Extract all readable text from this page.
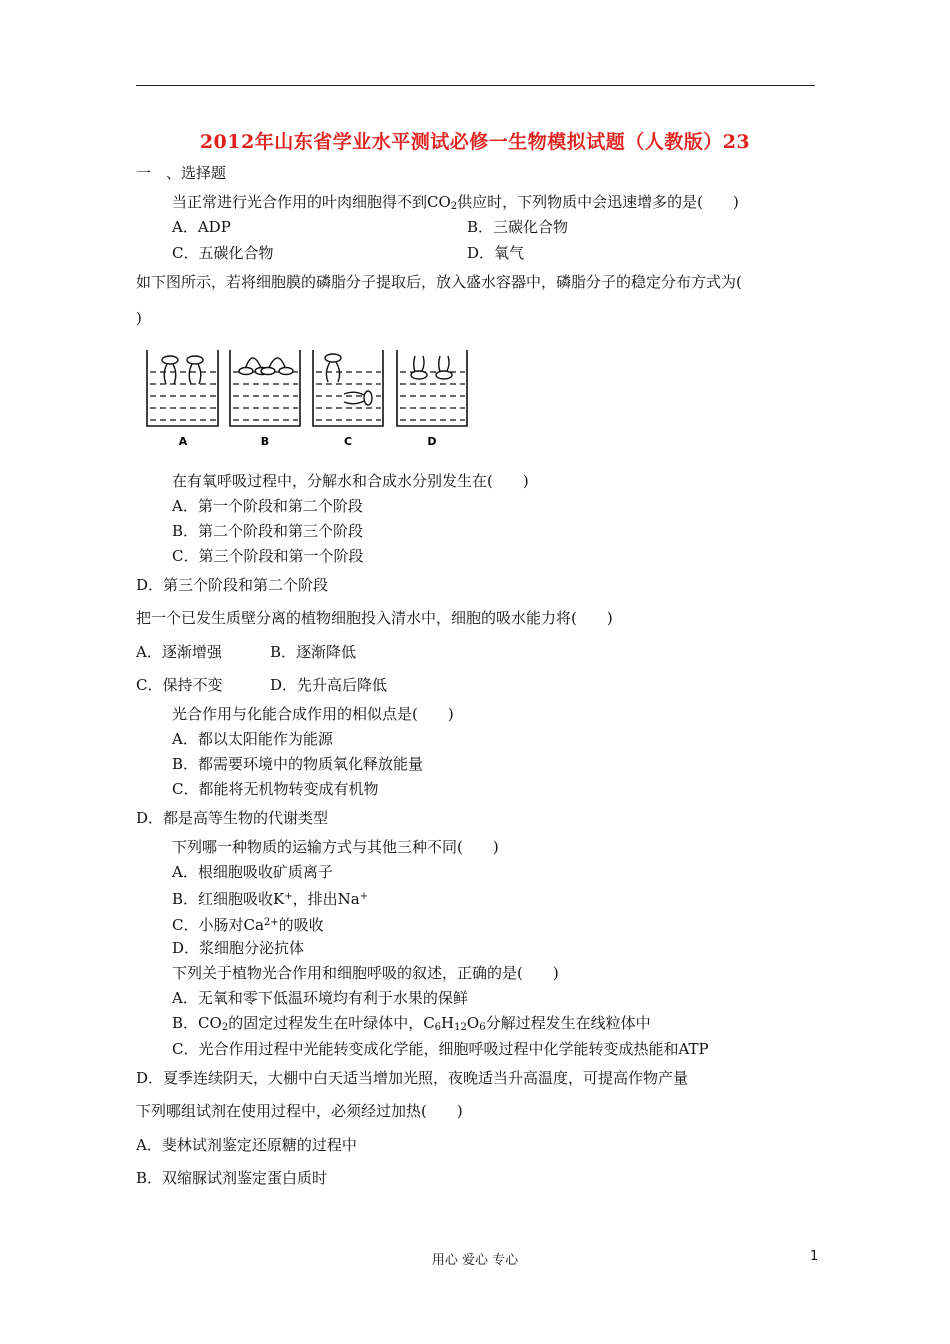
2012年山东省学业水平测试必修一生物模拟试题（人教版）23
一　、选择题
当正常进行光合作用的叶肉细胞得不到$CO_2$供应时，下列物质中会迅速增多的是(　　)
A．ADP	B．三碳化合物
C．五碳化合物	D．氧气
如下图所示，若将细胞膜的磷脂分子提取后，放入盛水容器中，磷脂分子的稳定分布方式为(
)
A	B	C	D
在有氧呼吸过程中，分解水和合成水分别发生在(　　)
A．第一个阶段和第二个阶段
B．第二个阶段和第三个阶段
C．第三个阶段和第一个阶段
D．第三个阶段和第二个阶段
把一个已发生质壁分离的植物细胞投入清水中，细胞的吸水能力将(　　)
A．逐渐增强	B．逐渐降低
C．保持不变	D．先升高后降低
光合作用与化能合成作用的相似点是(　　)
A．都以太阳能作为能源
B．都需要环境中的物质氧化释放能量
C．都能将无机物转变成有机物
D．都是高等生物的代谢类型
下列哪一种物质的运输方式与其他三种不同(　　)
A．根细胞吸收矿质离子
B．红细胞吸收K+，排出Na+
C．小肠对$Ca^{2+}$的吸收
D．浆细胞分泌抗体
下列关于植物光合作用和细胞呼吸的叙述，正确的是(　　)
A．无氧和零下低温环境均有利于水果的保鲜
B．$CO_2$的固定过程发生在叶绿体中，$C_6H_{12}O_6$分解过程发生在线粒体中
C．光合作用过程中光能转变成化学能，细胞呼吸过程中化学能转变成热能和ATP
D．夏季连续阴天，大棚中白天适当增加光照，夜晚适当升高温度，可提高作物产量
下列哪组试剂在使用过程中，必须经过加热(　　)
A．斐林试剂鉴定还原糖的过程中
B．双缩脲试剂鉴定蛋白质时
用心 爱心 专心	1
